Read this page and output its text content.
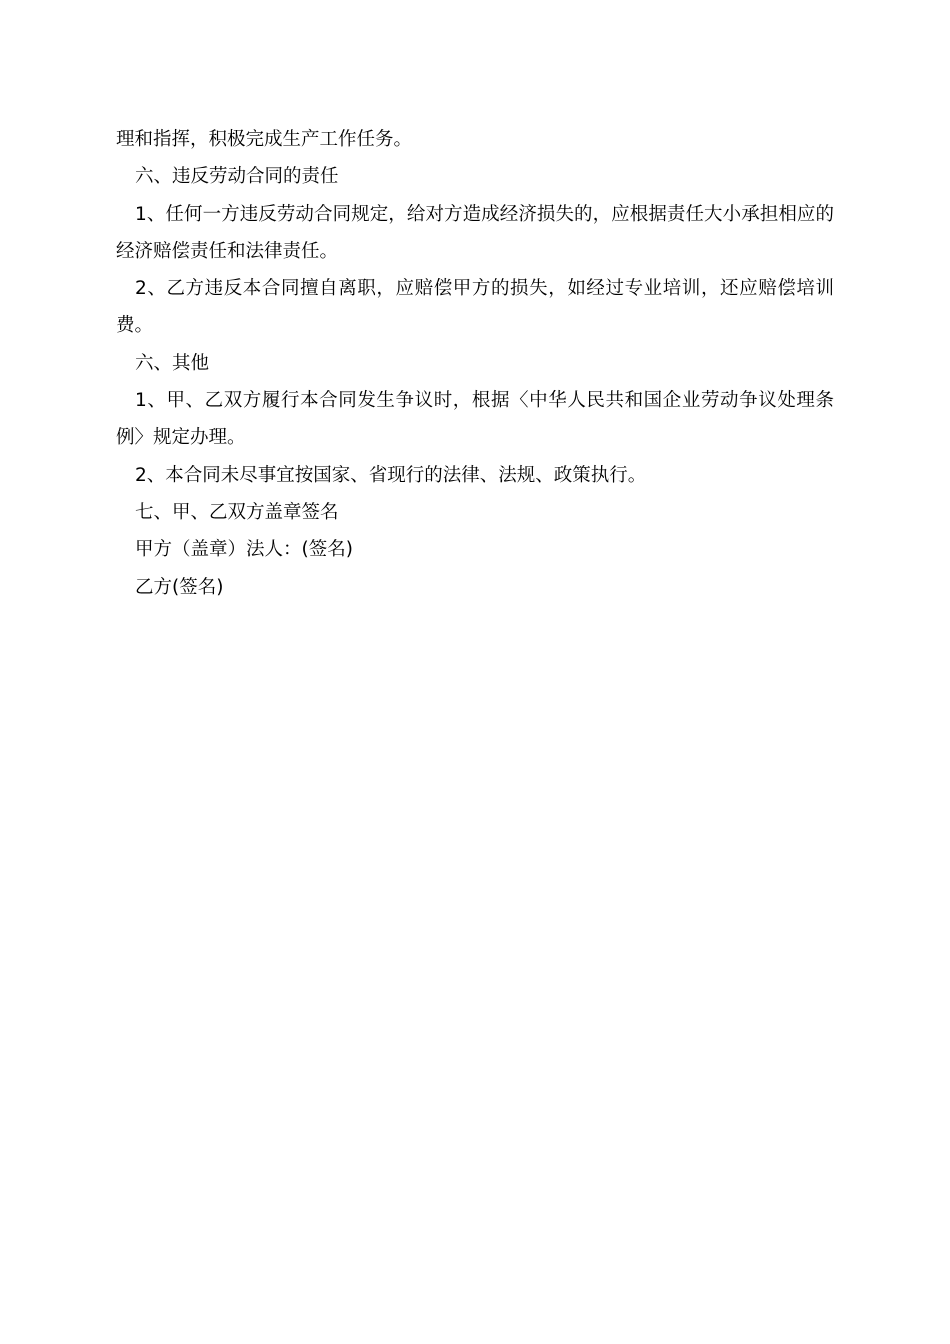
理和指挥，积极完成生产工作任务。

六、违反劳动合同的责任

1、任何一方违反劳动合同规定，给对方造成经济损失的，应根据责任大小承担相应的经济赔偿责任和法律责任。

2、乙方违反本合同擅自离职，应赔偿甲方的损失，如经过专业培训，还应赔偿培训费。

六、其他

1、甲、乙双方履行本合同发生争议时，根据〈中华人民共和国企业劳动争议处理条例〉规定办理。

2、本合同未尽事宜按国家、省现行的法律、法规、政策执行。

七、甲、乙双方盖章签名

甲方（盖章）法人：(签名)

乙方(签名)
